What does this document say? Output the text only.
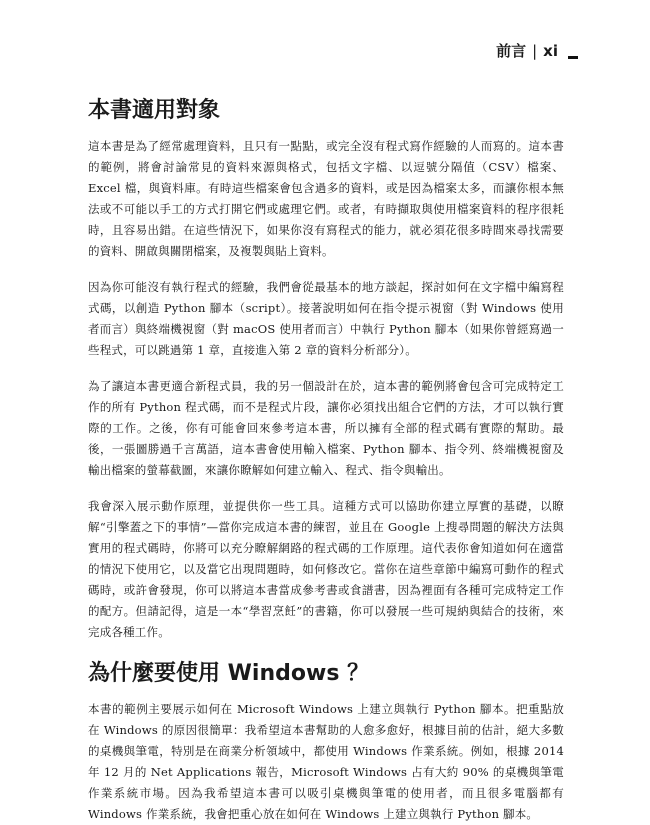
前言 | xi
本書適用對象

這本書是為了經常處理資料，且只有一點點，或完全沒有程式寫作經驗的人而寫的。這本書的範例，將會討論常見的資料來源與格式，包括文字檔、以逗號分隔值（CSV）檔案、Excel 檔，與資料庫。有時這些檔案會包含過多的資料，或是因為檔案太多，而讓你根本無法或不可能以手工的方式打開它們或處理它們。或者，有時擷取與使用檔案資料的程序很耗時，且容易出錯。在這些情況下，如果你沒有寫程式的能力，就必須花很多時間來尋找需要的資料、開啟與關閉檔案，及複製與貼上資料。

因為你可能沒有執行程式的經驗，我們會從最基本的地方談起，探討如何在文字檔中編寫程式碼，以創造 Python 腳本（script）。接著說明如何在指令提示視窗（對 Windows 使用者而言）與終端機視窗（對 macOS 使用者而言）中執行 Python 腳本（如果你曾經寫過一些程式，可以跳過第 1 章，直接進入第 2 章的資料分析部分）。

為了讓這本書更適合新程式員，我的另一個設計在於，這本書的範例將會包含可完成特定工作的所有 Python 程式碼，而不是程式片段，讓你必須找出組合它們的方法，才可以執行實際的工作。之後，你有可能會回來參考這本書，所以擁有全部的程式碼有實際的幫助。最後，一張圖勝過千言萬語，這本書會使用輸入檔案、Python 腳本、指令列、終端機視窗及輸出檔案的螢幕截圖，來讓你瞭解如何建立輸入、程式、指令與輸出。

我會深入展示動作原理，並提供你一些工具。這種方式可以協助你建立厚實的基礎，以瞭解“引擎蓋之下的事情”—當你完成這本書的練習，並且在 Google 上搜尋問題的解決方法與實用的程式碼時，你將可以充分瞭解網路的程式碼的工作原理。這代表你會知道如何在適當的情況下使用它，以及當它出現問題時，如何修改它。當你在這些章節中編寫可動作的程式碼時，或許會發現，你可以將這本書當成參考書或食譜書，因為裡面有各種可完成特定工作的配方。但請記得，這是一本“學習烹飪”的書籍，你可以發展一些可規納與結合的技術，來完成各種工作。

為什麼要使用 Windows ？

本書的範例主要展示如何在 Microsoft Windows 上建立與執行 Python 腳本。把重點放在 Windows 的原因很簡單：我希望這本書幫助的人愈多愈好，根據目前的估計，絕大多數的桌機與筆電，特別是在商業分析領域中，都使用 Windows 作業系統。例如，根據 2014 年 12 月的 Net Applications 報告，Microsoft Windows 占有大約 90% 的桌機與筆電作業系統市場。因為我希望這本書可以吸引桌機與筆電的使用者，而且很多電腦都有 Windows 作業系統，我會把重心放在如何在 Windows 上建立與執行 Python 腳本。
